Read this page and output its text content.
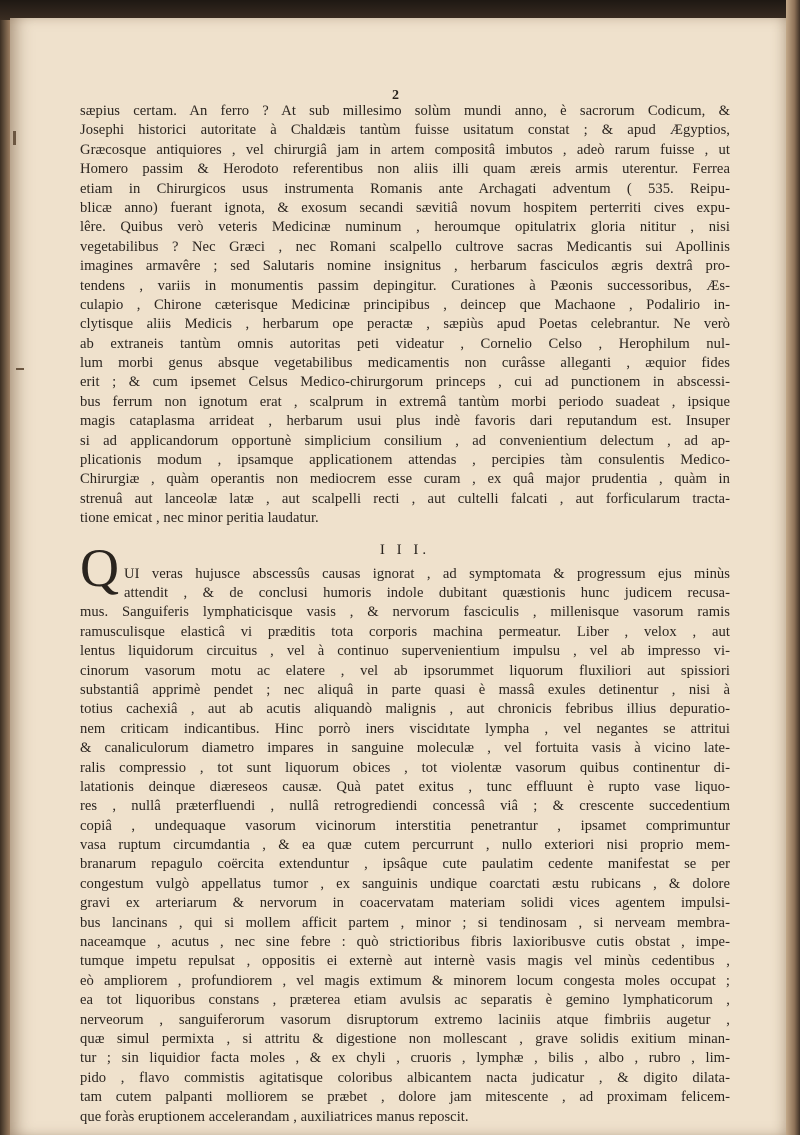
2
sæpius certam. An ferro ? At sub millesimo solùm mundi anno, è sacrorum Codicum, &
Josephi historici autoritate à Chaldæis tantùm fuisse usitatum constat ; & apud Ægyptios,
Græcosque antiquiores , vel chirurgiâ jam in artem compositâ imbutos , adeò rarum fuisse , ut
Homero passim & Herodoto referentibus non aliis illi quam æreis armis uterentur. Ferrea
etiam in Chirurgicos usus instrumenta Romanis ante Archagati adventum ( 535. Reipu-
blicæ anno) fuerant ignota, & exosum secandi sævitiâ novum hospitem perterriti cives expu-
lêre. Quibus verò veteris Medicinæ numinum , heroumque opitulatrix gloria nititur , nisi
vegetabilibus ? Nec Græci , nec Romani scalpello cultrove sacras Medicantis sui Apollinis
imagines armavêre ; sed Salutaris nomine insignitus , herbarum fasciculos ægris dextrâ pro-
tendens , variis in monumentis passim depingitur. Curationes à Pæonis successoribus, Æs-
culapio , Chirone cæterisque Medicinæ principibus , deincep que Machaone , Podalirio in-
clytisque aliis Medicis , herbarum ope peractæ , sæpiùs apud Poetas celebrantur. Ne verò
ab extraneis tantùm omnis autoritas peti videatur , Cornelio Celso , Herophilum nul-
lum morbi genus absque vegetabilibus medicamentis non curâsse alleganti , æquior fides
erit ; & cum ipsemet Celsus Medico-chirurgorum princeps , cui ad punctionem in abscessi-
bus ferrum non ignotum erat , scalprum in extremâ tantùm morbi periodo suadeat , ipsique
magis cataplasma arrideat , herbarum usui plus indè favoris dari reputandum est. Insuper
si ad applicandorum opportunè simplicium consilium , ad convenientium delectum , ad ap-
plicationis modum , ipsamque applicationem attendas , percipies tàm consulentis Medico-
Chirurgiæ , quàm operantis non mediocrem esse curam , ex quâ major prudentia , quàm in
strenuâ aut lanceolæ latæ , aut scalpelli recti , aut cultelli falcati , aut forficularum tracta-
tione emicat , nec minor peritia laudatur.
I I I.
UI veras hujusce abscessûs causas ignorat , ad symptomata & progressum ejus minùs
attendit , & de conclusi humoris indole dubitant quæstionis hunc judicem recusa-
mus. Sanguiferis lymphaticisque vasis , & nervorum fasciculis , millenisque vasorum ramis
ramusculisque elasticâ vi præditis tota corporis machina permeatur. Liber , velox , aut
lentus liquidorum circuitus , vel à continuo supervenientium impulsu , vel ab impresso vi-
cinorum vasorum motu ac elatere , vel ab ipsorummet liquorum fluxiliori aut spissiori
substantiâ apprimè pendet ; nec aliquâ in parte quasi è massâ exules detinentur , nisi à
totius cachexiâ , aut ab acutis aliquandò malignis , aut chronicis febribus illius depuratio-
nem criticam indicantibus. Hinc porrò iners viscidıtate lympha , vel negantes se attritui
& canaliculorum diametro impares in sanguine moleculæ , vel fortuita vasis à vicino late-
ralis compressio , tot sunt liquorum obices , tot violentæ vasorum quibus continentur di-
latationis deinque diæreseos causæ. Quà patet exitus , tunc effluunt è rupto vase liquo-
res , nullâ præterfluendi , nullâ retrogrediendi concessâ viâ ; & crescente succedentium
copiâ , undequaque vasorum vicinorum interstitia penetrantur , ipsamet comprimuntur
vasa ruptum circumdantia , & ea quæ cutem percurrunt , nullo exteriori nisi proprio mem-
branarum repagulo coërcita extenduntur , ipsâque cute paulatim cedente manifestat se per
congestum vulgò appellatus tumor , ex sanguinis undique coarctati æstu rubicans , & dolore
gravi ex arteriarum & nervorum in coacervatam materiam solidi vices agentem impulsi-
bus lancinans , qui si mollem afficit partem , minor ; si tendinosam , si nerveam membra-
naceamque , acutus , nec sine febre : quò strictioribus fibris laxioribusve cutis obstat , impe-
tumque impetu repulsat , oppositis ei externè aut internè vasis magis vel minùs cedentibus ,
eò ampliorem , profundiorem , vel magis extimum & minorem locum congesta moles occupat ;
ea tot liquoribus constans , præterea etiam avulsis ac separatis è gemino lymphaticorum ,
nerveorum , sanguiferorum vasorum disruptorum extremo laciniis atque fimbriis augetur ,
quæ simul permixta , si attritu & digestione non mollescant , grave solidis exitium minan-
tur ; sin liquidior facta moles , & ex chyli , cruoris , lymphæ , bilis , albo , rubro , lim-
pido , flavo commistis agitatisque coloribus albicantem nacta judicatur , & digito dilata-
tam cutem palpanti molliorem se præbet , dolore jam mitescente , ad proximam felicem-
que foràs eruptionem accelerandam , auxiliatrices manus reposcit.
Q
